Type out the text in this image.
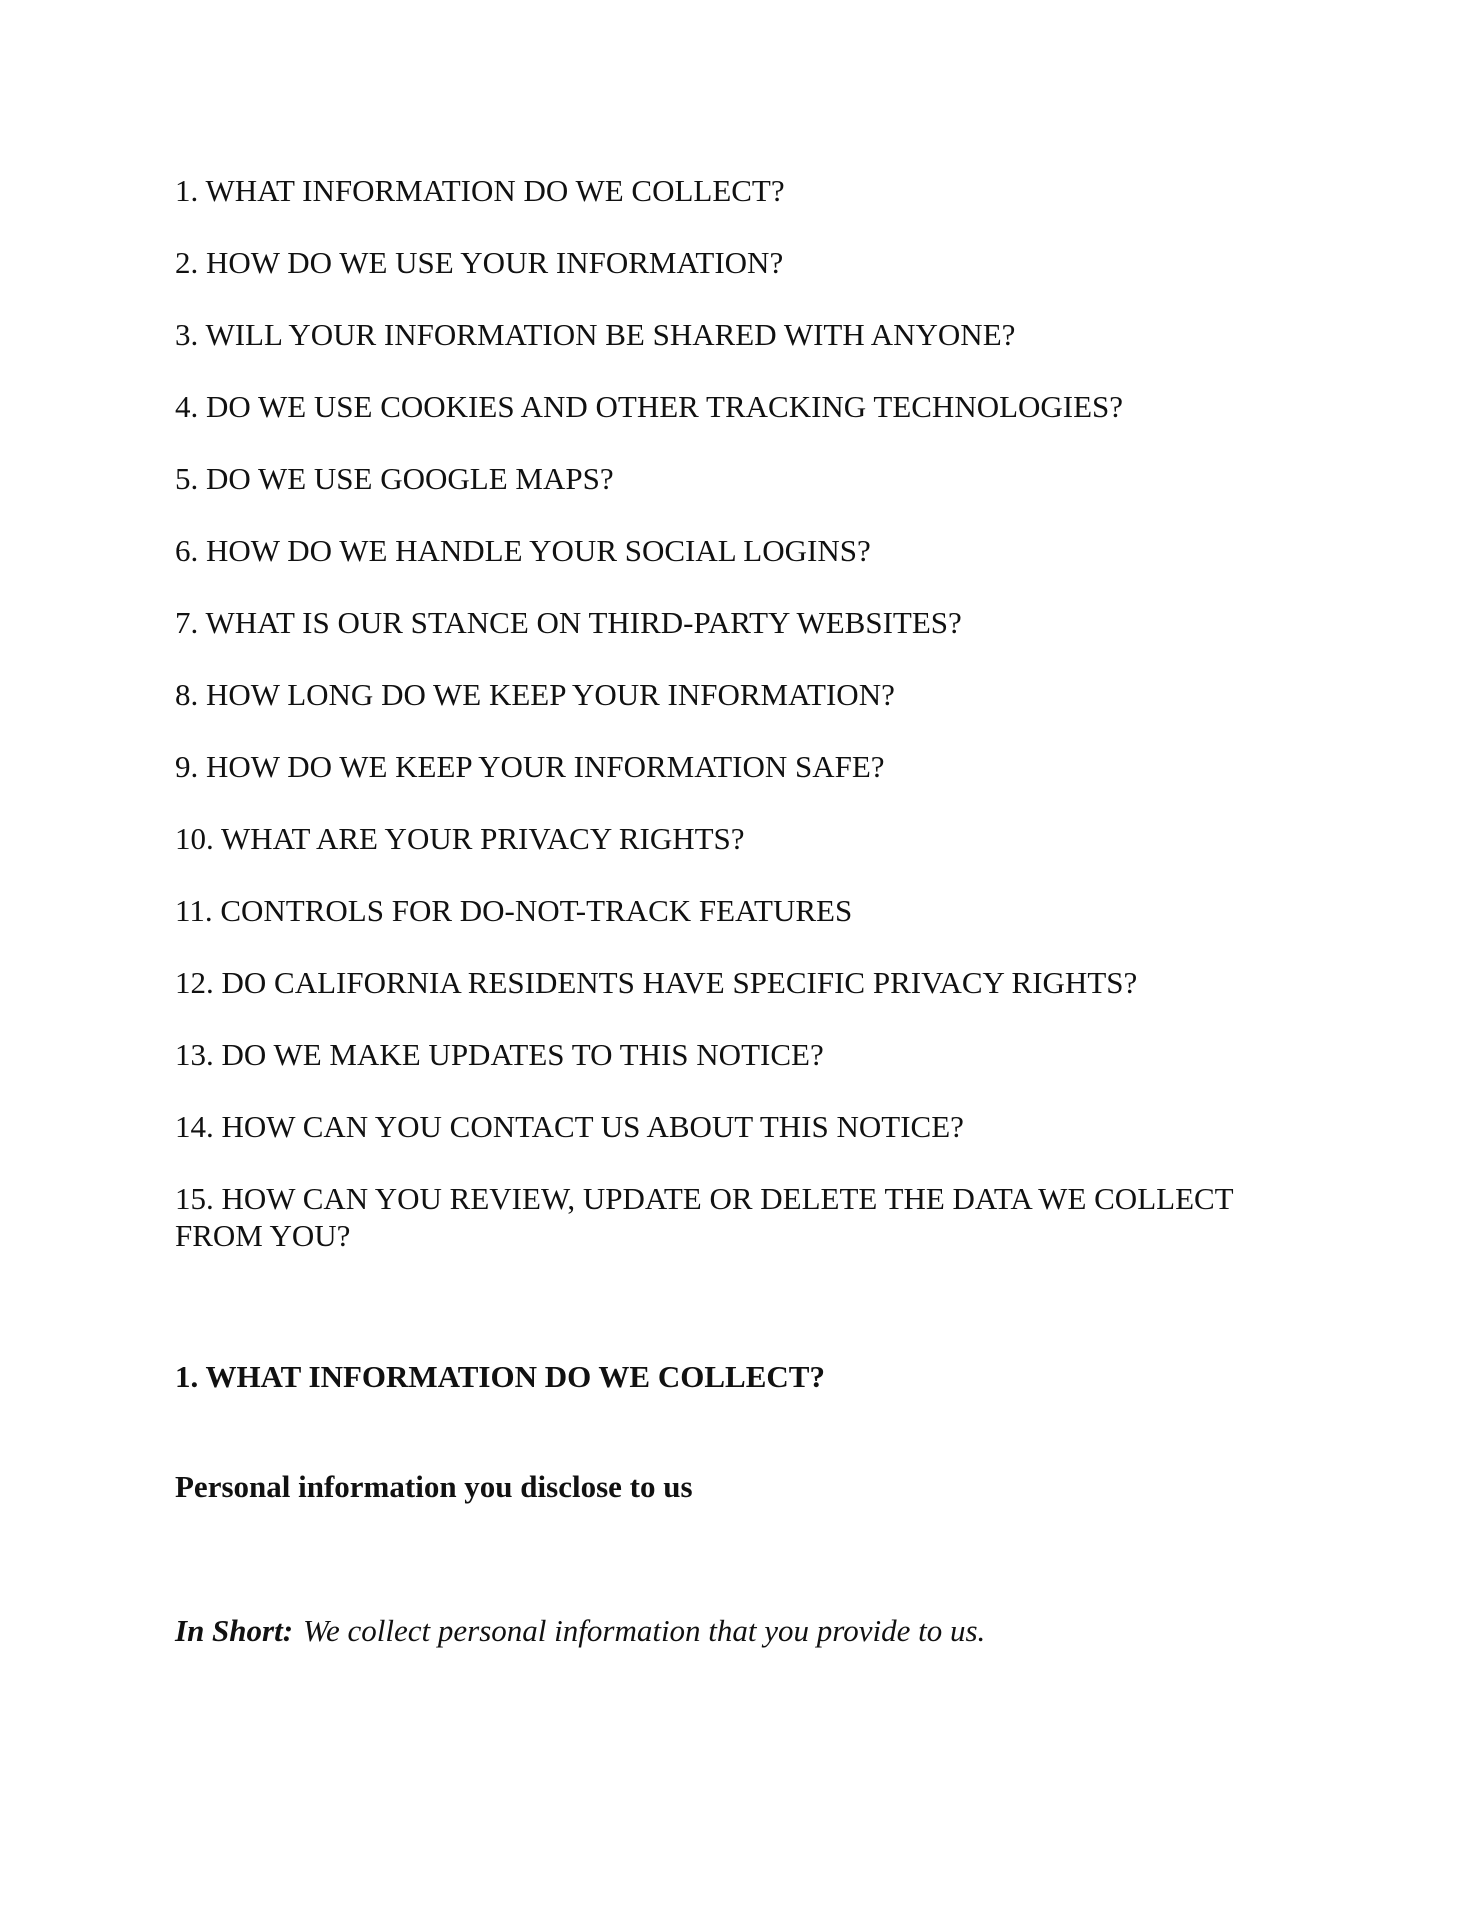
1. WHAT INFORMATION DO WE COLLECT?
2. HOW DO WE USE YOUR INFORMATION?
3. WILL YOUR INFORMATION BE SHARED WITH ANYONE?
4. DO WE USE COOKIES AND OTHER TRACKING TECHNOLOGIES?
5. DO WE USE GOOGLE MAPS?
6. HOW DO WE HANDLE YOUR SOCIAL LOGINS?
7. WHAT IS OUR STANCE ON THIRD-PARTY WEBSITES?
8. HOW LONG DO WE KEEP YOUR INFORMATION?
9. HOW DO WE KEEP YOUR INFORMATION SAFE?
10. WHAT ARE YOUR PRIVACY RIGHTS?
11. CONTROLS FOR DO-NOT-TRACK FEATURES
12. DO CALIFORNIA RESIDENTS HAVE SPECIFIC PRIVACY RIGHTS?
13. DO WE MAKE UPDATES TO THIS NOTICE?
14. HOW CAN YOU CONTACT US ABOUT THIS NOTICE?
15. HOW CAN YOU REVIEW, UPDATE OR DELETE THE DATA WE COLLECT FROM YOU?
1. WHAT INFORMATION DO WE COLLECT?
Personal information you disclose to us

In Short: We collect personal information that you provide to us.
